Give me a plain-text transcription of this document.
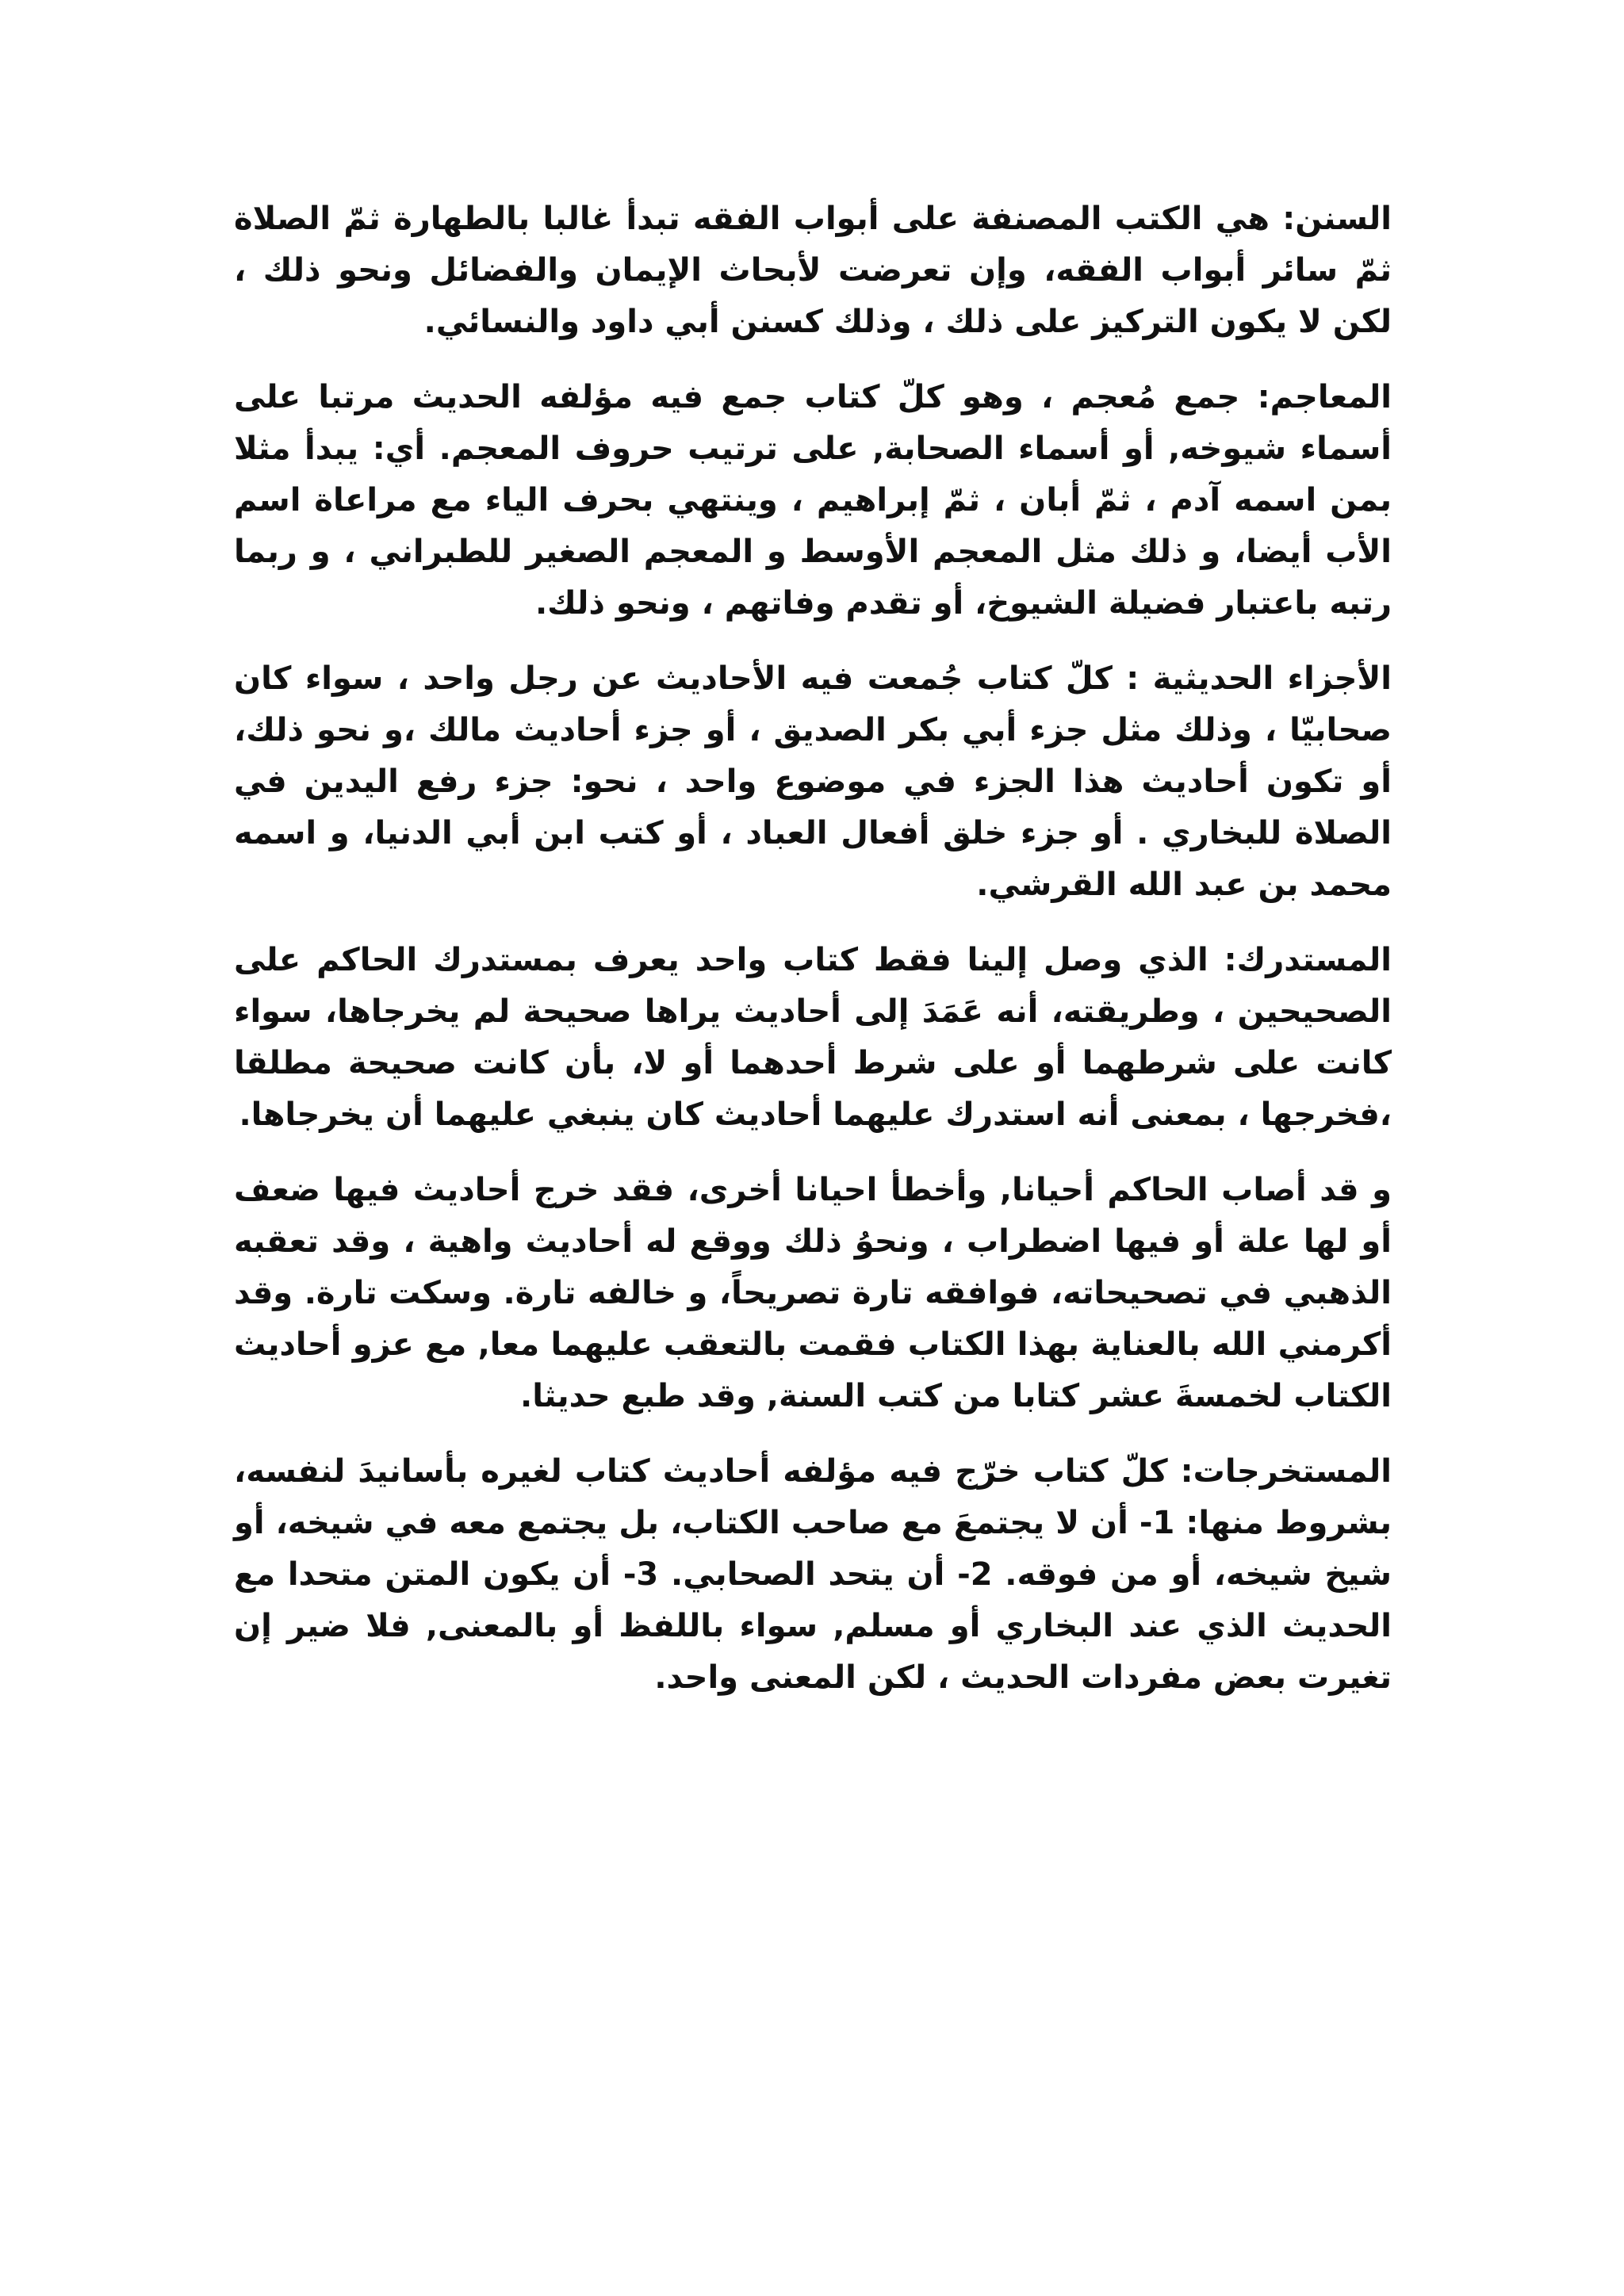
السنن: هي الكتب المصنفة على أبواب الفقه تبدأ غالبا بالطهارة ثمّ الصلاة ثمّ سائر أبواب الفقه، وإن تعرضت لأبحاث الإيمان والفضائل ونحو ذلك ، لكن لا يكون التركيز على ذلك ، وذلك كسنن أبي داود والنسائي.

المعاجم: جمع مُعجم ، وهو كلّ كتاب جمع فيه مؤلفه الحديث مرتبا على أسماء شيوخه, أو أسماء الصحابة, على ترتيب حروف المعجم. أي: يبدأ مثلا بمن اسمه آدم ، ثمّ أبان ، ثمّ إبراهيم ، وينتهي بحرف الياء مع مراعاة اسم الأب أيضا، و ذلك مثل المعجم الأوسط و المعجم الصغير للطبراني ، و ربما رتبه باعتبار فضيلة الشيوخ، أو تقدم وفاتهم ، ونحو ذلك.

الأجزاء الحديثية : كلّ كتاب جُمعت فيه الأحاديث عن رجل واحد ، سواء كان صحابيّا ، وذلك مثل جزء أبي بكر الصديق ، أو جزء أحاديث مالك ،و نحو ذلك، أو تكون أحاديث هذا الجزء في موضوع واحد ، نحو: جزء رفع اليدين في الصلاة للبخاري . أو جزء خلق أفعال العباد ، أو كتب ابن أبي الدنيا، و اسمه محمد بن عبد الله القرشي.

المستدرك: الذي وصل إلينا فقط كتاب واحد يعرف بمستدرك الحاكم على الصحيحين ، وطريقته، أنه عَمَدَ إلى أحاديث يراها صحيحة لم يخرجاها، سواء كانت على شرطهما أو على شرط أحدهما أو لا، بأن كانت صحيحة مطلقا ،فخرجها ، بمعنى أنه استدرك عليهما أحاديث كان ينبغي عليهما أن يخرجاها.

و قد أصاب الحاكم أحيانا, وأخطأ احيانا أخرى، فقد خرج أحاديث فيها ضعف أو لها علة أو فيها اضطراب ، ونحوُ ذلك ووقع له أحاديث واهية ، وقد تعقبه الذهبي في تصحيحاته، فوافقه تارة تصريحاً، و خالفه تارة. وسكت تارة. وقد أكرمني الله بالعناية بهذا الكتاب فقمت بالتعقب عليهما معا, مع عزو أحاديث الكتاب لخمسةَ عشر كتابا من كتب السنة, وقد طبع حديثا.

المستخرجات: كلّ كتاب خرّج فيه مؤلفه أحاديث كتاب لغيره بأسانيدَ لنفسه، بشروط منها: 1- أن لا يجتمعَ مع صاحب الكتاب، بل يجتمع معه في شيخه، أو شيخ شيخه، أو من فوقه. 2- أن يتحد الصحابي. 3- أن يكون المتن متحدا مع الحديث الذي عند البخاري أو مسلم, سواء باللفظ أو بالمعنى, فلا ضير إن تغيرت بعض مفردات الحديث ، لكن المعنى واحد.
